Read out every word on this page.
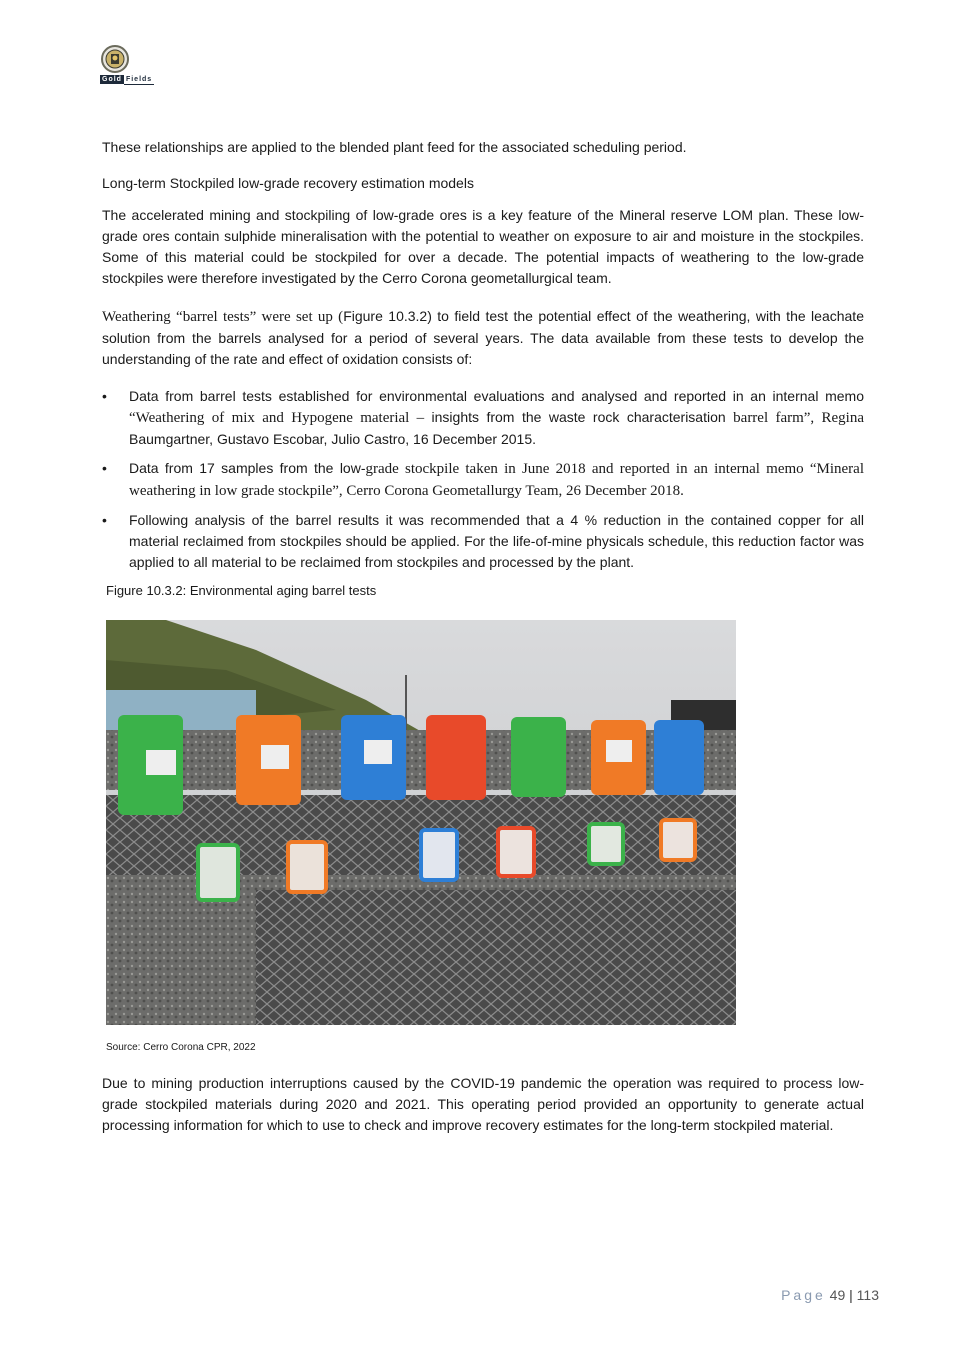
Gold Fields
These relationships are applied to the blended plant feed for the associated scheduling period.
Long-term Stockpiled low-grade recovery estimation models
The accelerated mining and stockpiling of low-grade ores is a key feature of the Mineral reserve LOM plan. These low-grade ores contain sulphide mineralisation with the potential to weather on exposure to air and moisture in the stockpiles. Some of this material could be stockpiled for over a decade. The potential impacts of weathering to the low-grade stockpiles were therefore investigated by the Cerro Corona geometallurgical team.
Weathering “barrel tests” were set up (Figure 10.3.2) to field test the potential effect of the weathering, with the leachate solution from the barrels analysed for a period of several years. The data available from these tests to develop the understanding of the rate and effect of oxidation consists of:
• Data from barrel tests established for environmental evaluations and analysed and reported in an internal memo “Weathering of mix and Hypogene material – insights from the waste rock characterisation barrel farm”, Regina Baumgartner, Gustavo Escobar, Julio Castro, 16 December 2015.
• Data from 17 samples from the low-grade stockpile taken in June 2018 and reported in an internal memo “Mineral weathering in low grade stockpile”, Cerro Corona Geometallurgy Team, 26 December 2018.
• Following analysis of the barrel results it was recommended that a 4 % reduction in the contained copper for all material reclaimed from stockpiles should be applied. For the life-of-mine physicals schedule, this reduction factor was applied to all material to be reclaimed from stockpiles and processed by the plant.
Figure 10.3.2: Environmental aging barrel tests
Source: Cerro Corona CPR, 2022
Due to mining production interruptions caused by the COVID-19 pandemic the operation was required to process low-grade stockpiled materials during 2020 and 2021. This operating period provided an opportunity to generate actual processing information for which to use to check and improve recovery estimates for the long-term stockpiled material.
Page 49 | 113
